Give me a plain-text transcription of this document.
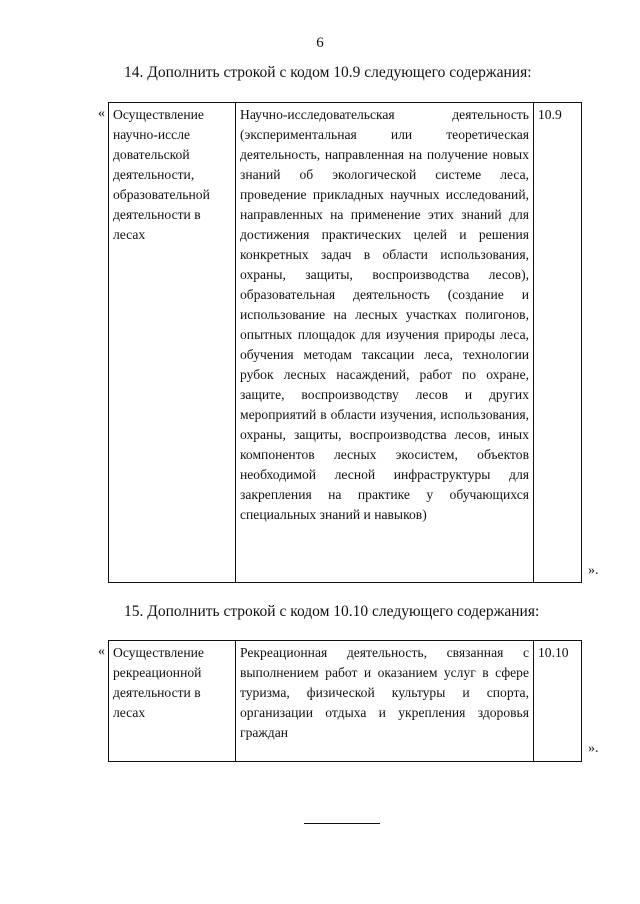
6
14. Дополнить строкой с кодом 10.9 следующего содержания:
« Осуществление научно-иссле довательской деятельности, образовательной деятельности в лесах	Научно-исследовательская деятельность (экспериментальная или теоретическая деятельность, направленная на получение новых знаний об экологической системе леса, проведение прикладных научных исследований, направленных на применение этих знаний для достижения практических целей и решения конкретных задач в области использования, охраны, защиты, воспроизводства лесов), образовательная деятельность (создание и использование на лесных участках полигонов, опытных площадок для изучения природы леса, обучения методам таксации леса, технологии рубок лесных насаждений, работ по охране, защите, воспроизводству лесов и других мероприятий в области изучения, использования, охраны, защиты, воспроизводства лесов, иных компонентов лесных экосистем, объектов необходимой лесной инфраструктуры для закрепления на практике у обучающихся специальных знаний и навыков)	10.9
».
15. Дополнить строкой с кодом 10.10 следующего содержания:
« Осуществление рекреационной деятельности в лесах	Рекреационная деятельность, связанная с выполнением работ и оказанием услуг в сфере туризма, физической культуры и спорта, организации отдыха и укрепления здоровья граждан	10.10
».
